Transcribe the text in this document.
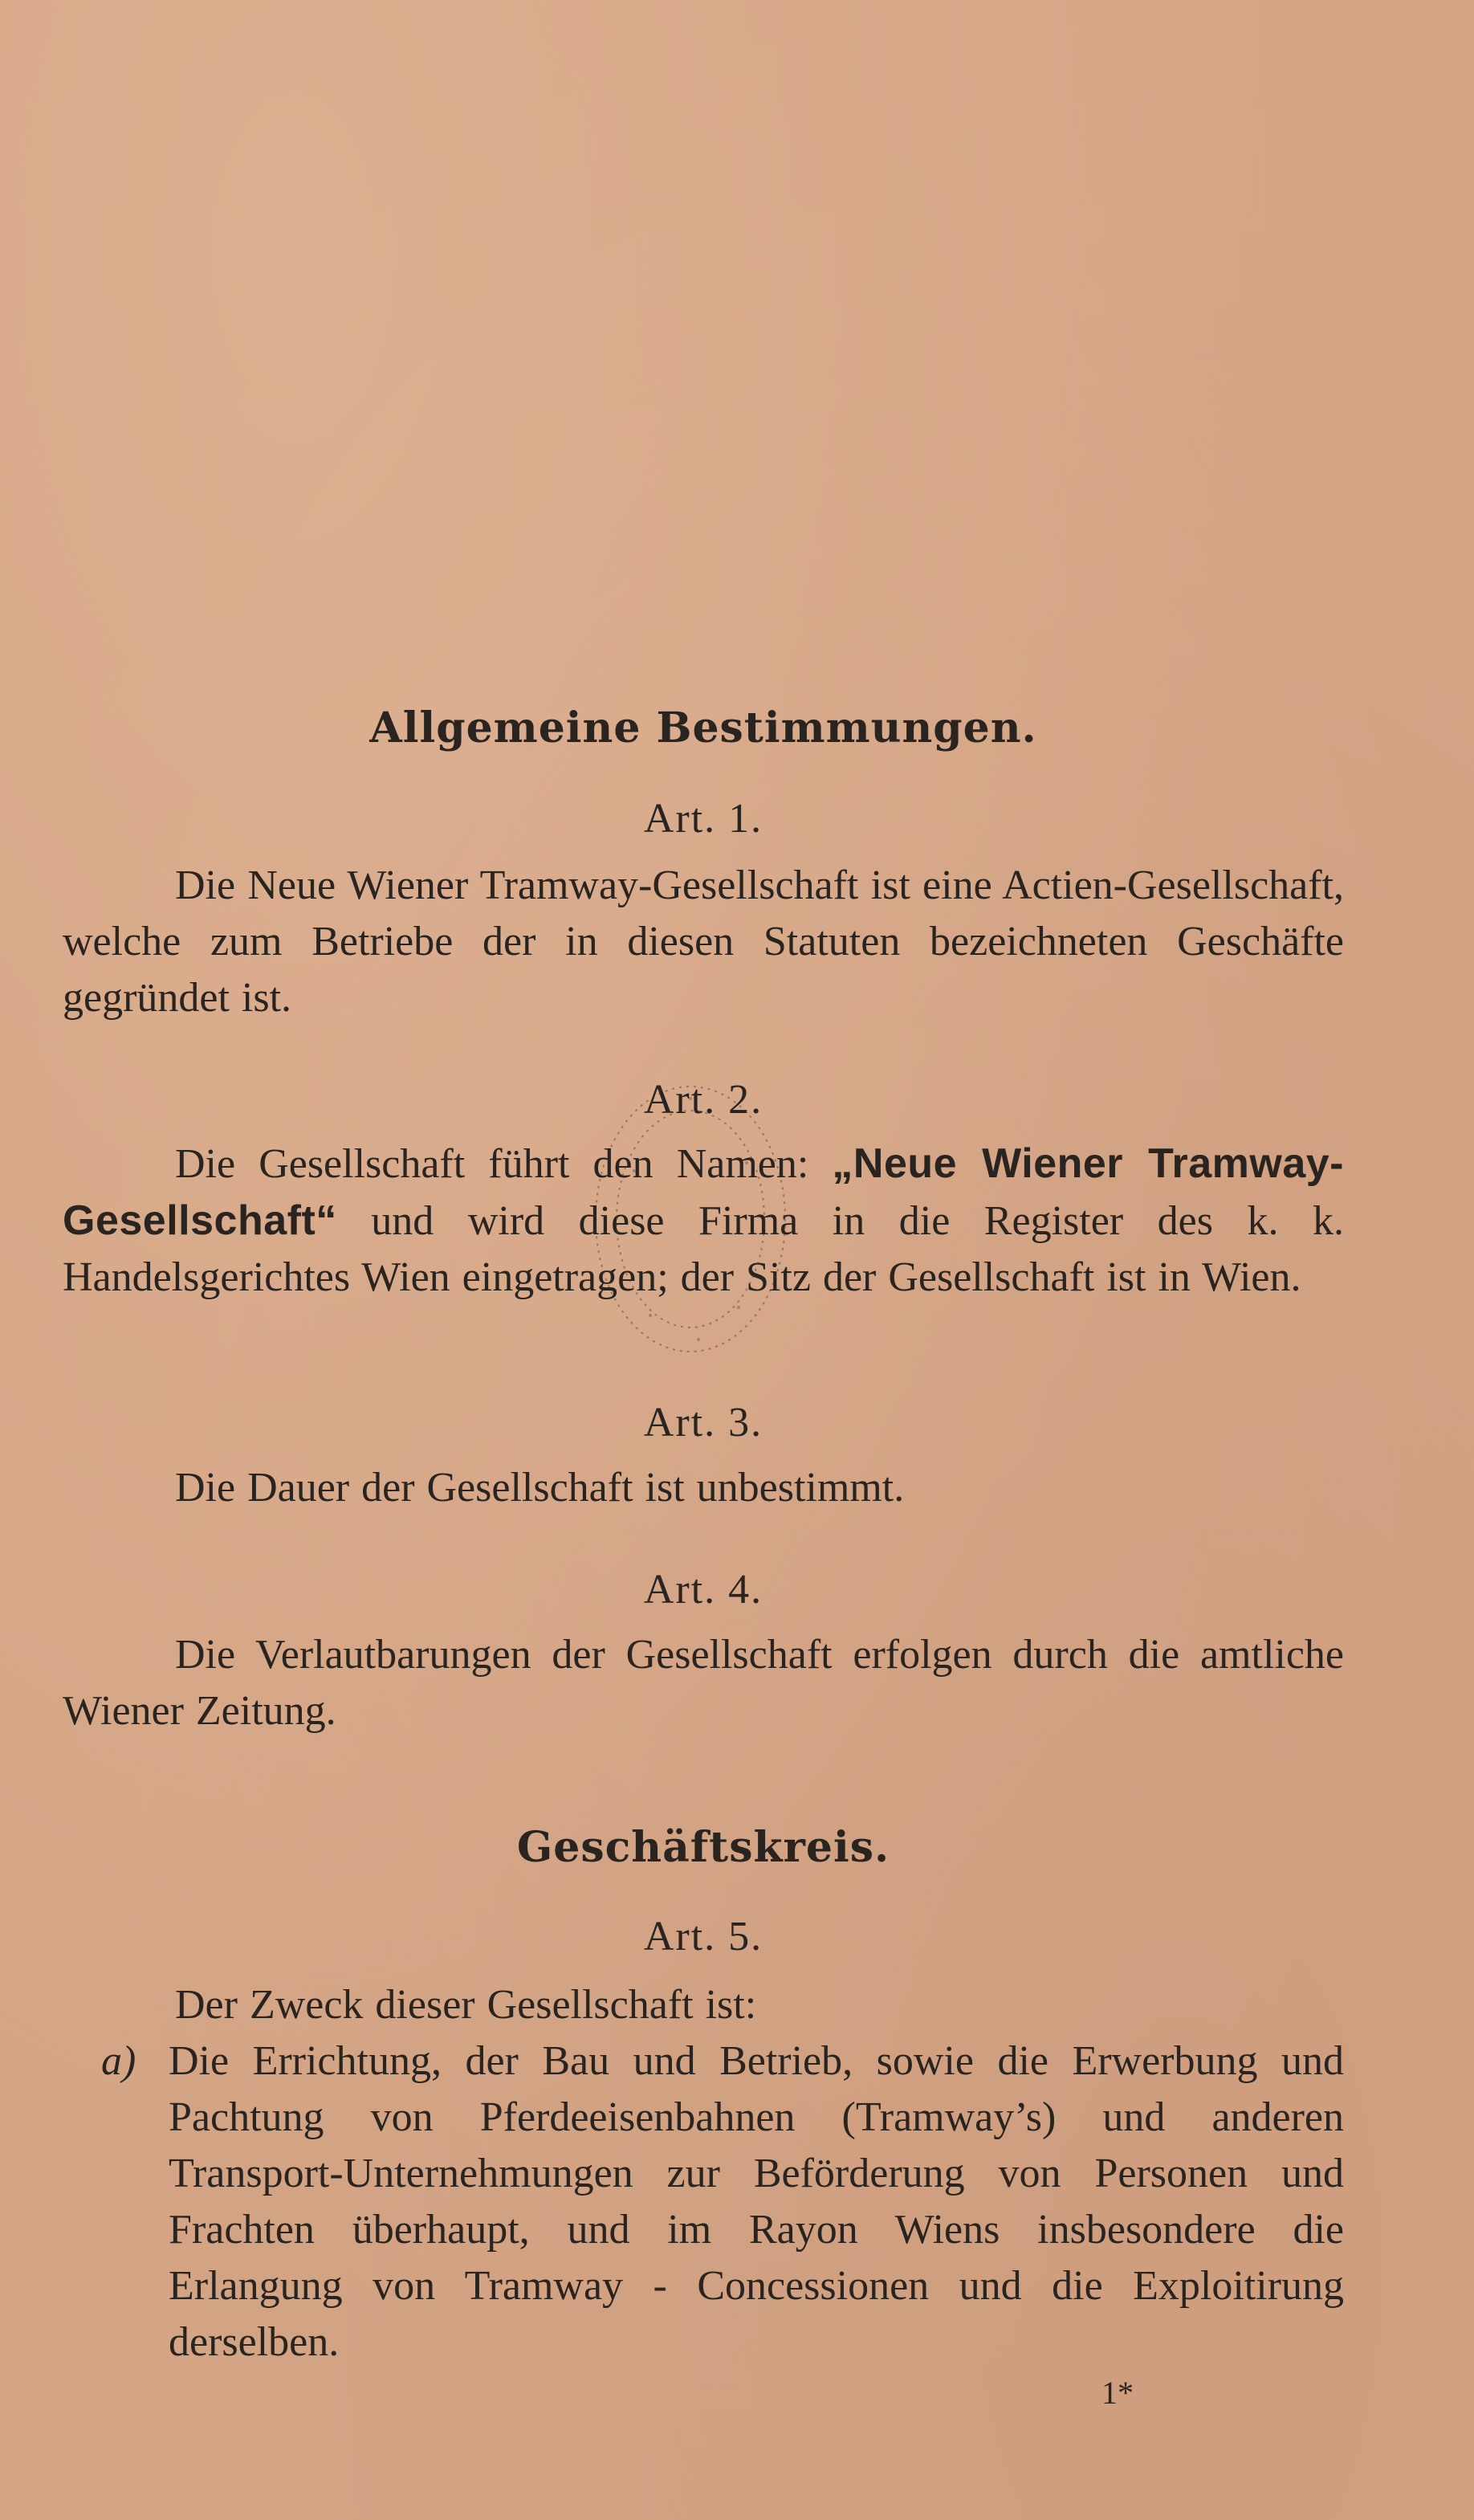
Allgemeine Bestimmungen.
Art. 1.

Die Neue Wiener Tramway-Gesellschaft ist eine Actien-Gesellschaft, welche zum Betriebe der in diesen Statuten bezeichneten Geschäfte gegründet ist.

Art. 2.

Die Gesellschaft führt den Namen: „Neue Wiener Tramway-Gesellschaft“ und wird diese Firma in die Register des k. k. Handelsgerichtes Wien eingetragen; der Sitz der Gesellschaft ist in Wien.

Art. 3.

Die Dauer der Gesellschaft ist unbestimmt.

Art. 4.

Die Verlautbarungen der Gesellschaft erfolgen durch die amtliche Wiener Zeitung.

Geschäftskreis.
Art. 5.

Der Zweck dieser Gesellschaft ist:

a) Die Errichtung, der Bau und Betrieb, sowie die Erwerbung und Pachtung von Pferdeeisenbahnen (Tramway’s) und anderen Transport-Unternehmungen zur Beförderung von Personen und Frachten überhaupt, und im Rayon Wiens insbesondere die Erlangung von Tramway - Concessionen und die Exploitirung derselben.
1*
